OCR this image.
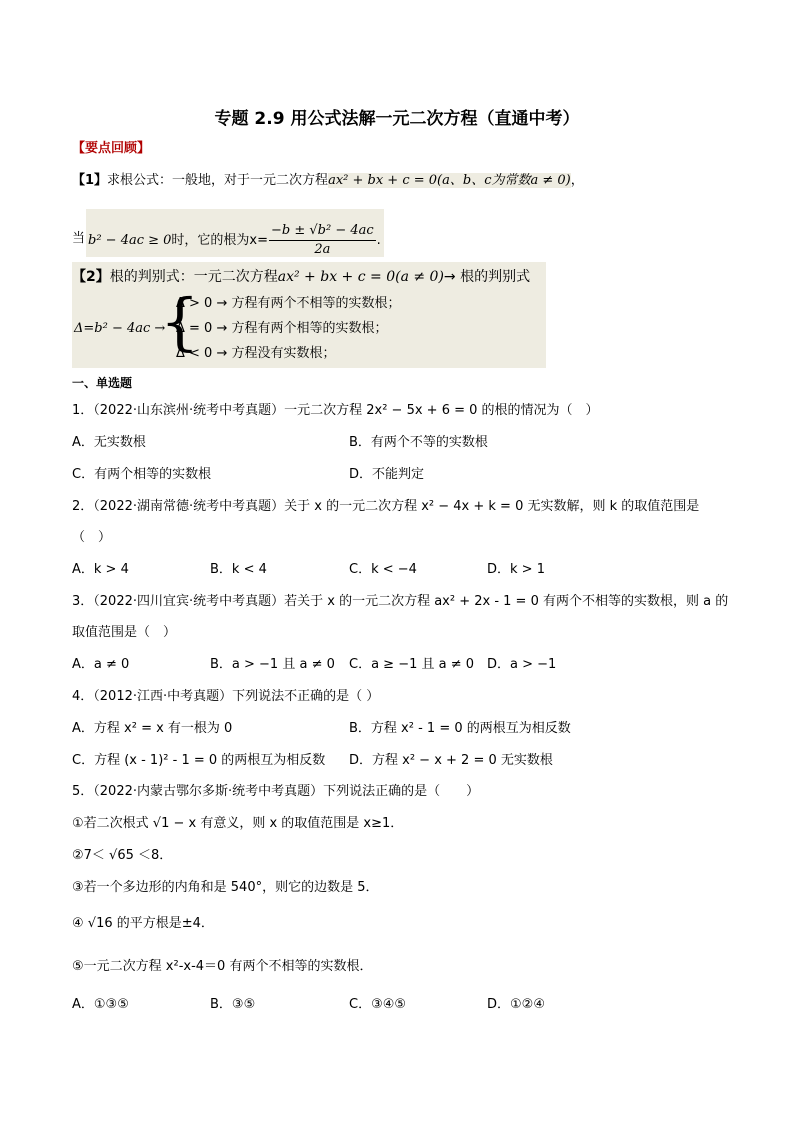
专题 2.9 用公式法解一元二次方程（直通中考）
【要点回顾】
【1】求根公式：一般地，对于一元二次方程ax² + bx + c = 0(a、b、c为常数a ≠ 0)，
当 b² − 4ac ≥ 0时，它的根为$x= \frac{\text{−b ± √b² − 4ac}}{2a}$ .
【2】根的判别式：一元二次方程ax² + bx + c = 0(a ≠ 0)→ 根的判别式
Δ=b² − 4ac →
{
Δ > 0 → 方程有两个不相等的实数根；
Δ = 0 → 方程有两个相等的实数根；
Δ < 0 → 方程没有实数根；
一、单选题
1．（2022·山东滨州·统考中考真题）一元二次方程 2x² − 5x + 6 = 0 的根的情况为（　）
A．无实数根	B．有两个不等的实数根
C．有两个相等的实数根	D．不能判定
2．（2022·湖南常德·统考中考真题）关于 x 的一元二次方程 x² − 4x + k = 0 无实数解，则 k 的取值范围是
（　）
A．k > 4	B．k < 4	C．k < −4	D．k > 1
3．（2022·四川宜宾·统考中考真题）若关于 x 的一元二次方程 ax² + 2x - 1 = 0 有两个不相等的实数根，则 a 的
取值范围是（　）
A．a ≠ 0	B．a > −1 且 a ≠ 0 C．a ≥ −1 且 a ≠ 0 D．a > −1
4．（2012·江西·中考真题）下列说法不正确的是（ ）
A．方程 x² = x 有一根为 0	B．方程 x² - 1 = 0 的两根互为相反数
C．方程 (x - 1)² - 1 = 0 的两根互为相反数 D．方程 x² − x + 2 = 0 无实数根
5．（2022·内蒙古鄂尔多斯·统考中考真题）下列说法正确的是（　　）
①若二次根式 √1 − x 有意义，则 x 的取值范围是 x≥1．
②7＜ √65 ＜8．
③若一个多边形的内角和是 540°，则它的边数是 5．
④ √16 的平方根是±4．
⑤一元二次方程 x²-x-4＝0 有两个不相等的实数根．
A．①③⑤	B．③⑤	C．③④⑤	D．①②④
